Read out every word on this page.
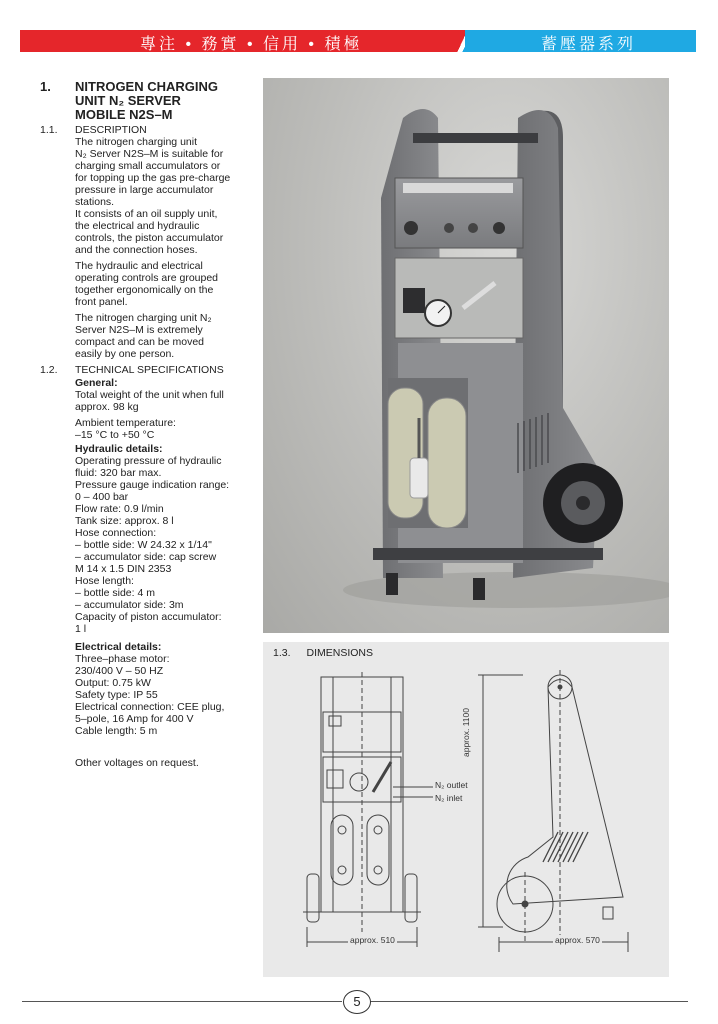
專注 • 務實 • 信用 • 積極	蓄壓器系列
1.	NITROGEN CHARGING
UNIT N₂ SERVER
MOBILE N2S–M
1.1.	DESCRIPTION

The nitrogen charging unit
N₂ Server N2S–M is suitable for
charging small accumulators or
for topping up the gas pre-charge
pressure in large accumulator
stations.
It consists of an oil supply unit,
the electrical and hydraulic
controls, the piston accumulator
and the connection hoses.

The hydraulic and electrical
operating controls are grouped
together ergonomically on the
front panel.

The nitrogen charging unit N₂
Server N2S–M is extremely
compact and can be moved
easily by one person.

1.2.	TECHNICAL SPECIFICATIONS
General:

Total weight of the unit when full
approx. 98 kg

Ambient temperature:
–15 °C to +50 °C

Hydraulic details:

Operating pressure of hydraulic
fluid: 320 bar max.
Pressure gauge indication range:
0 – 400 bar
Flow rate: 0.9 l/min
Tank size: approx. 8 l
Hose connection:
– bottle side: W 24.32 x 1/14"
– accumulator side: cap screw
M 14 x 1.5 DIN 2353
Hose length:
– bottle side: 4 m
– accumulator side: 3m
Capacity of piston accumulator:
1 l

Electrical details:

Three–phase motor:
230/400 V – 50 HZ
Output: 0.75 kW
Safety type: IP 55
Electrical connection: CEE plug,
5–pole, 16 Amp for 400 V
Cable length: 5 m

Other voltages on request.

1.3. DIMENSIONS
N₂ outlet
N₂ inlet
approx. 1100
approx. 510	approx. 570
5
